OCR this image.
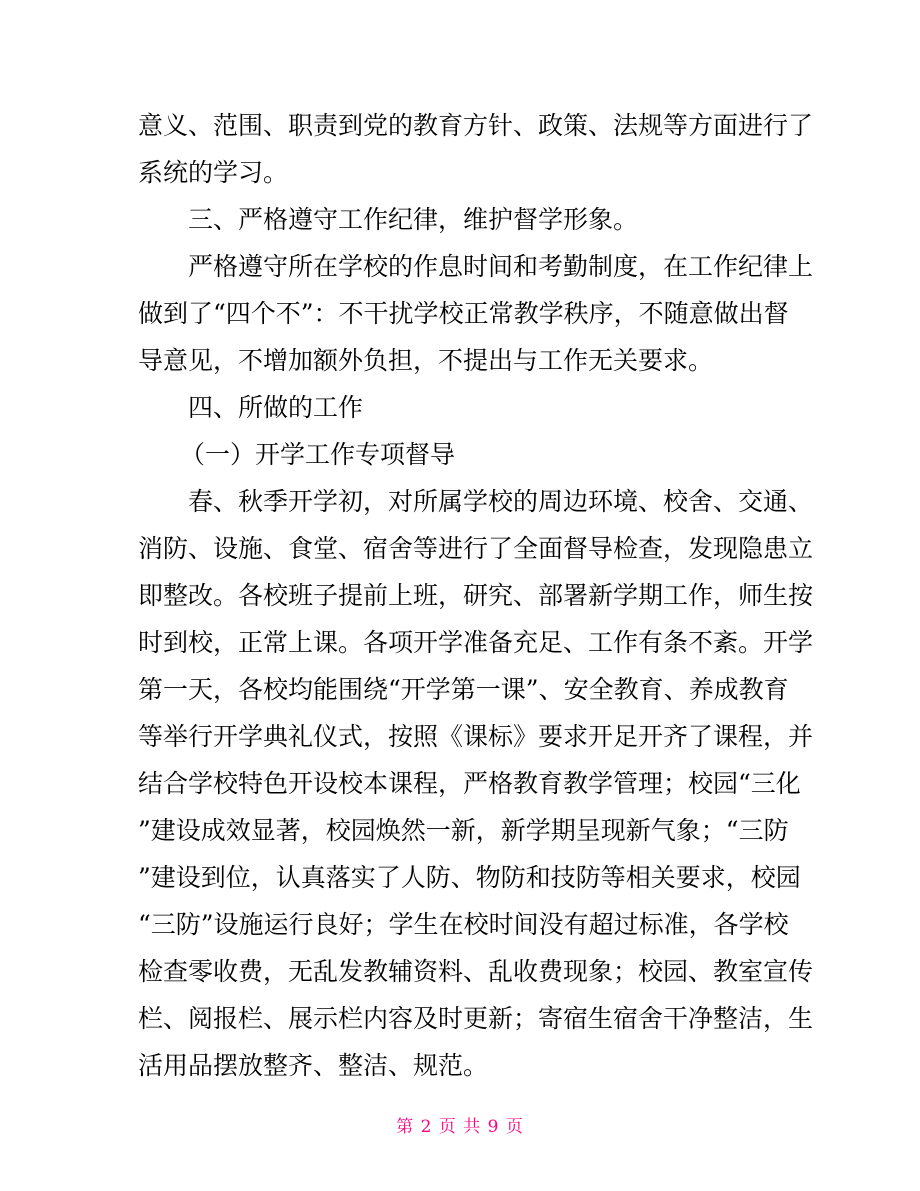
意义、范围、职责到党的教育方针、政策、法规等方面进行了
系统的学习。
三、严格遵守工作纪律，维护督学形象。
严格遵守所在学校的作息时间和考勤制度，在工作纪律上
做到了“四个不”：不干扰学校正常教学秩序，不随意做出督
导意见，不增加额外负担，不提出与工作无关要求。
四、所做的工作
（一）开学工作专项督导
春、秋季开学初，对所属学校的周边环境、校舍、交通、
消防、设施、食堂、宿舍等进行了全面督导检查，发现隐患立
即整改。各校班子提前上班，研究、部署新学期工作，师生按
时到校，正常上课。各项开学准备充足、工作有条不紊。开学
第一天，各校均能围绕“开学第一课”、安全教育、养成教育
等举行开学典礼仪式，按照《课标》要求开足开齐了课程，并
结合学校特色开设校本课程，严格教育教学管理；校园“三化
”建设成效显著，校园焕然一新，新学期呈现新气象；“三防
”建设到位，认真落实了人防、物防和技防等相关要求，校园
“三防”设施运行良好；学生在校时间没有超过标准，各学校
检查零收费，无乱发教辅资料、乱收费现象；校园、教室宣传
栏、阅报栏、展示栏内容及时更新；寄宿生宿舍干净整洁，生
活用品摆放整齐、整洁、规范。
第 2 页 共 9 页
